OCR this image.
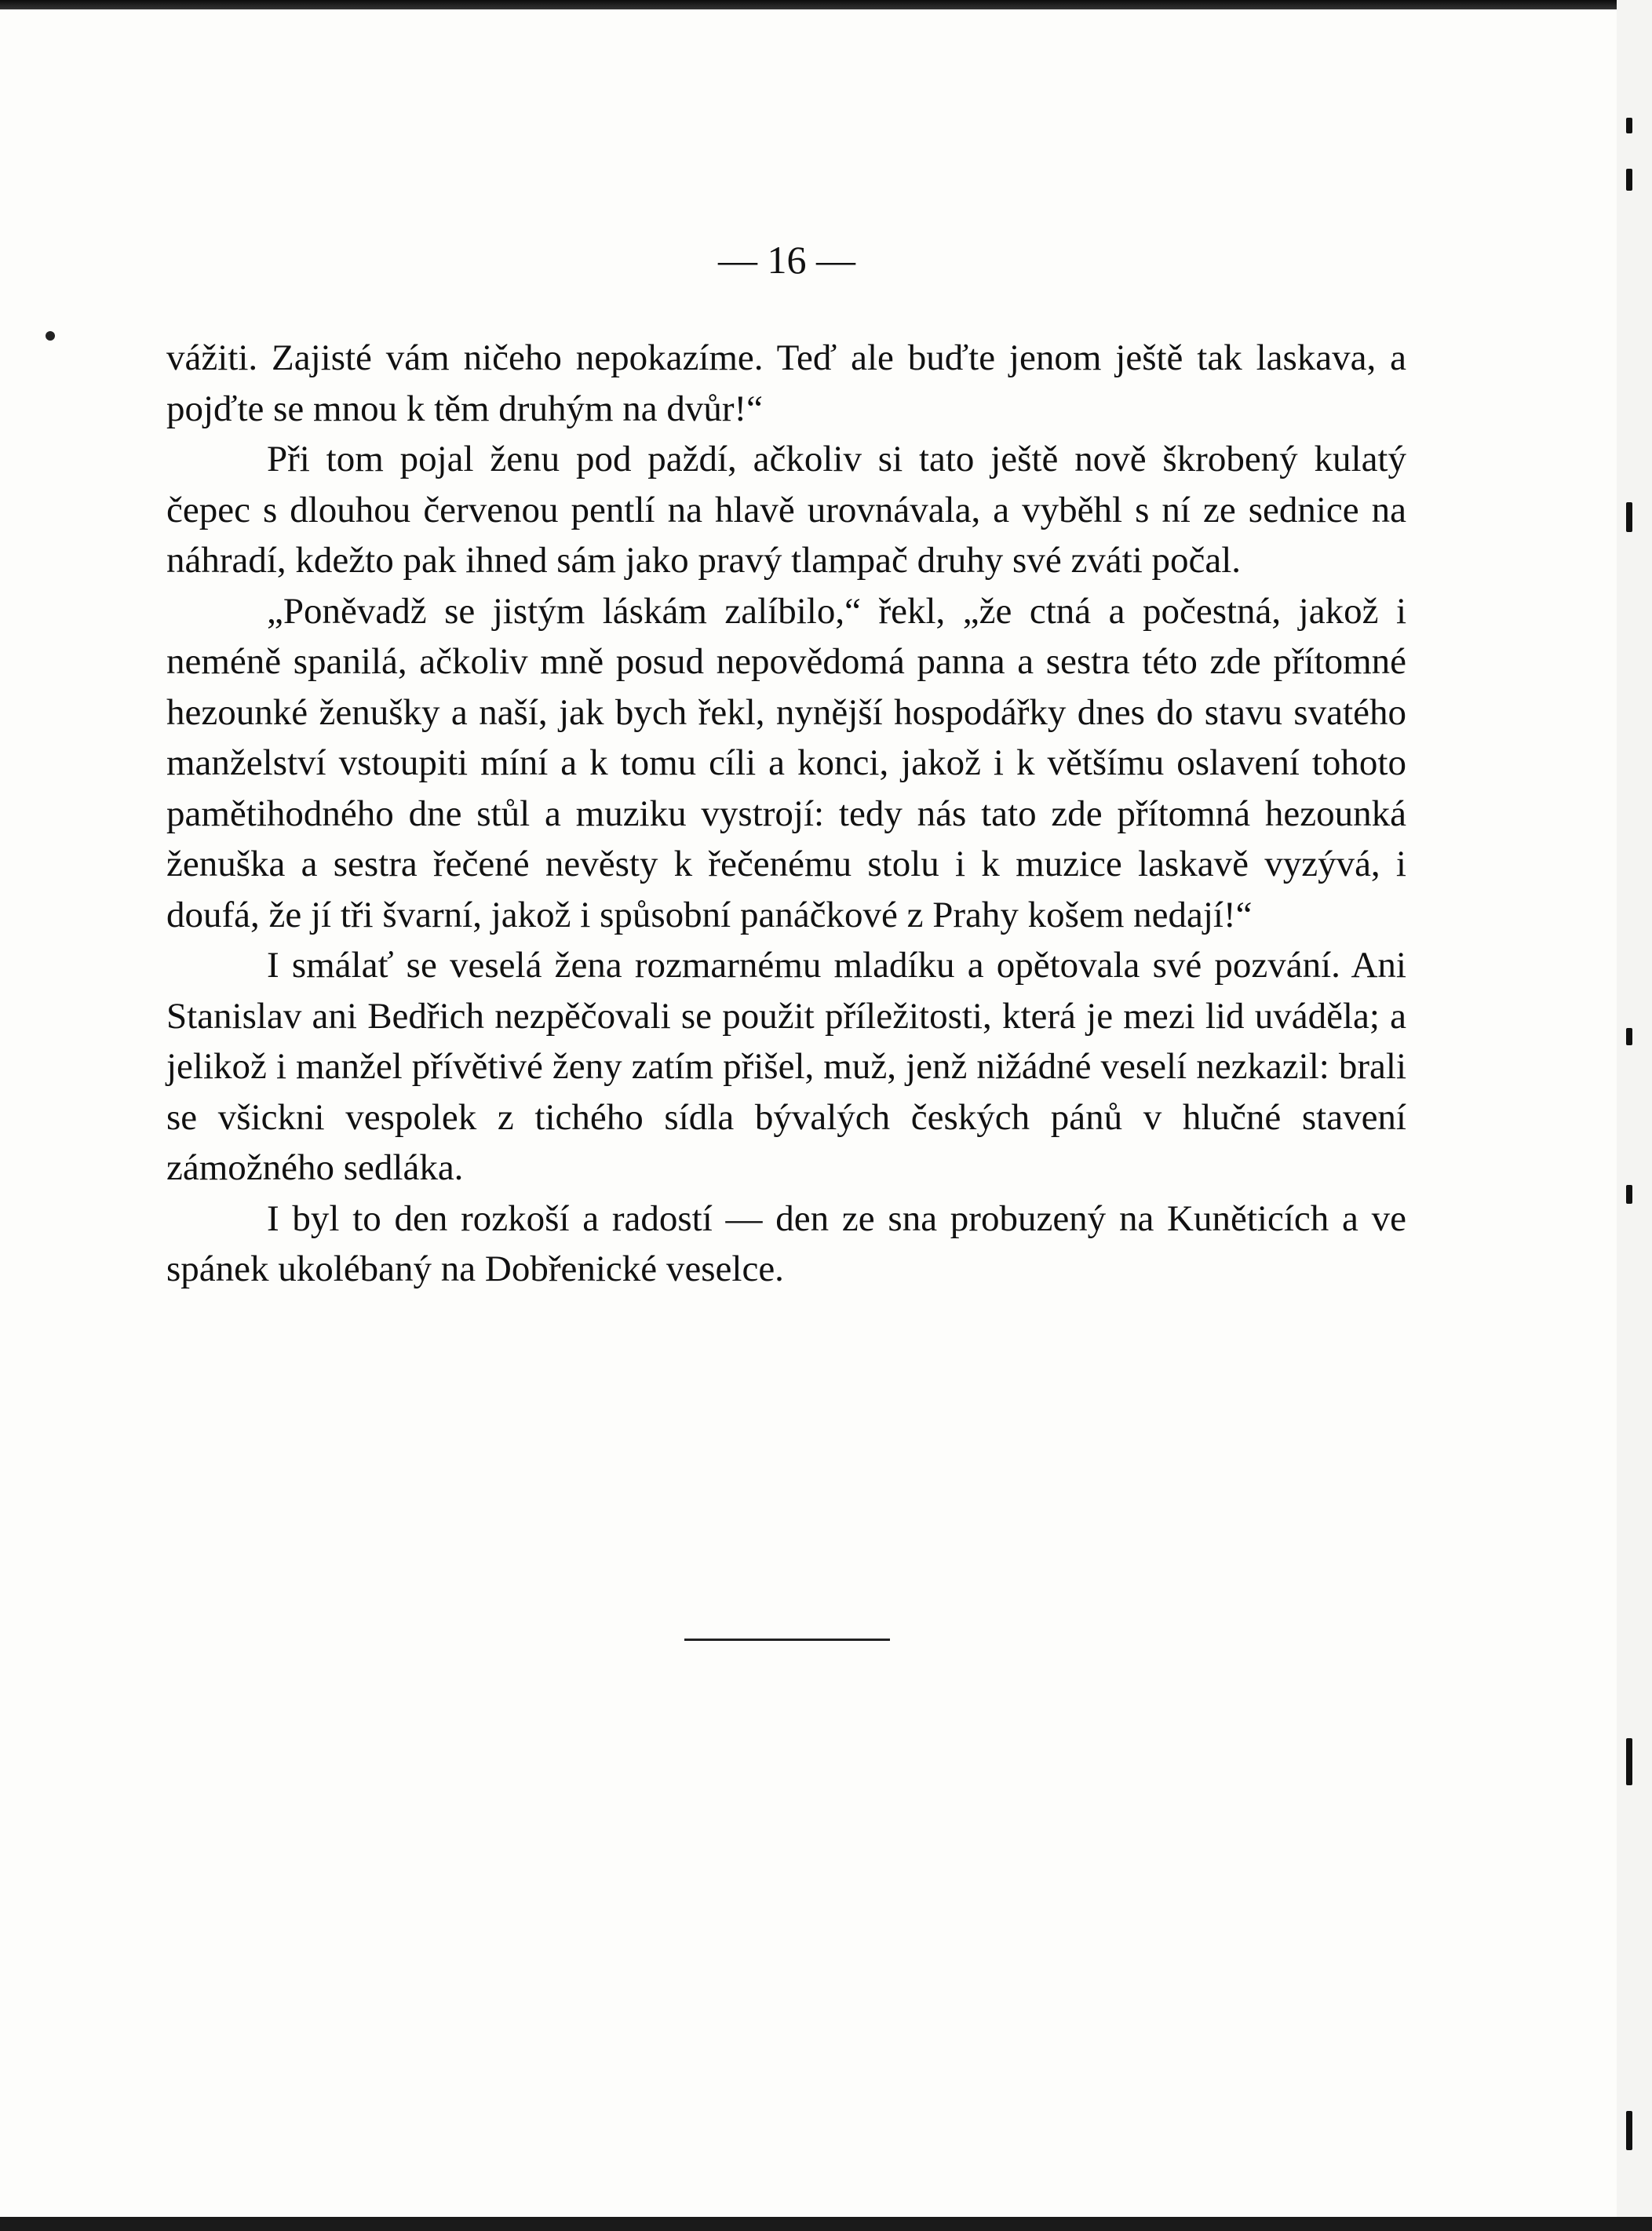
— 16 —

vážiti. Zajisté vám ničeho nepokazíme. Teď ale buďte jenom ještě tak laskava, a pojďte se mnou k těm druhým na dvůr!“

Při tom pojal ženu pod paždí, ačkoliv si tato ještě nově škrobený kulatý čepec s dlouhou červenou pentlí na hlavě urovnávala, a vyběhl s ní ze sednice na náhradí, kdežto pak ihned sám jako pravý tlampač druhy své zváti počal.

„Poněvadž se jistým láskám zalíbilo,“ řekl, „že ctná a počestná, jakož i neméně spanilá, ačkoliv mně posud nepovědomá panna a sestra této zde přítomné hezounké ženušky a naší, jak bych řekl, nynější hospodářky dnes do stavu svatého manželství vstoupiti míní a k tomu cíli a konci, jakož i k většímu oslavení tohoto pamětihodného dne stůl a muziku vystrojí: tedy nás tato zde přítomná hezounká ženuška a sestra řečené nevěsty k řečenému stolu i k muzice laskavě vyzývá, i doufá, že jí tři švarní, jakož i spůsobní panáčkové z Prahy košem nedají!“

I smálať se veselá žena rozmarnému mladíku a opětovala své pozvání. Ani Stanislav ani Bedřich nezpěčovali se použit příležitosti, která je mezi lid uváděla; a jelikož i manžel přívětivé ženy zatím přišel, muž, jenž nižádné veselí nezkazil: brali se všickni vespolek z tichého sídla bývalých českých pánů v hlučné stavení zámožného sedláka.

I byl to den rozkoší a radostí — den ze sna probuzený na Kuněticích a ve spánek ukolébaný na Dobřenické veselce.
